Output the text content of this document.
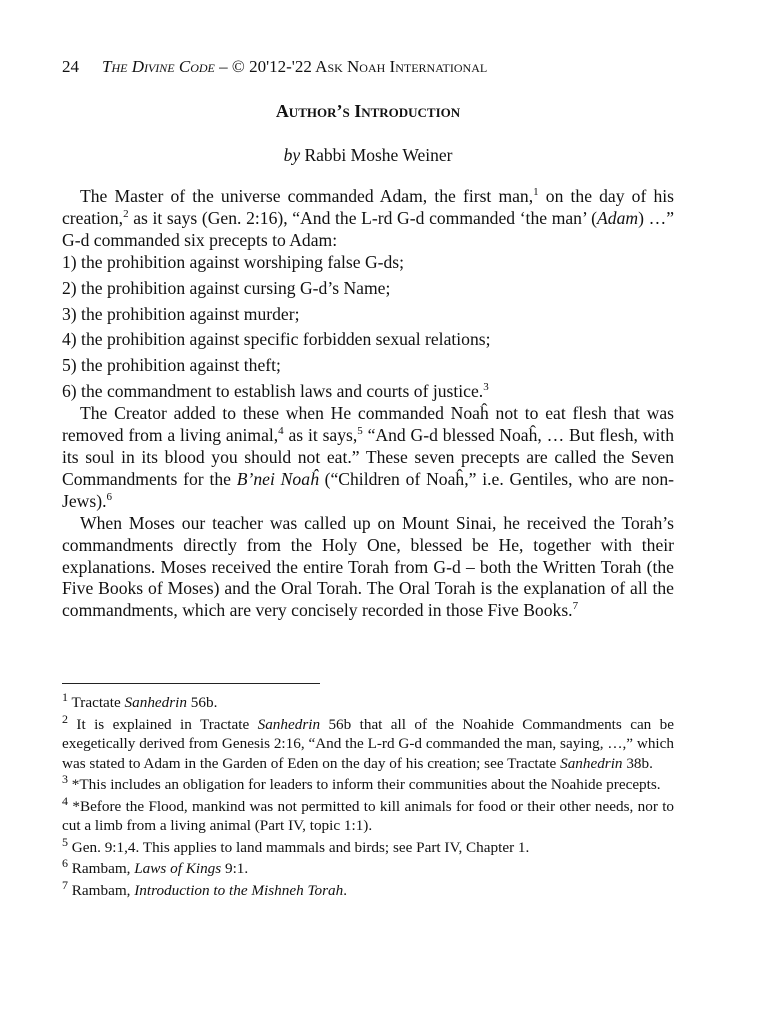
24 The Divine Code – © 20'12-'22 Ask Noah International
Author’s Introduction
by Rabbi Moshe Weiner

The Master of the universe commanded Adam, the first man,$^1$ on the day of his creation,$^2$ as it says (Gen. 2:16), “And the L-rd G-d commanded ‘the man’ (Adam) …” G-d commanded six precepts to Adam:

1) the prohibition against worshiping false G-ds;
2) the prohibition against cursing G-d’s Name;
3) the prohibition against murder;
4) the prohibition against specific forbidden sexual relations;
5) the prohibition against theft;
6) the commandment to establish laws and courts of justice.$^3$

The Creator added to these when He commanded Noaĥ not to eat flesh that was removed from a living animal,$^4$ as it says,$^5$ “And G-d blessed Noaĥ, … But flesh, with its soul in its blood you should not eat.” These seven precepts are called the Seven Commandments for the B’nei Noaĥ (“Children of Noaĥ,” i.e. Gentiles, who are non-Jews).$^6$

When Moses our teacher was called up on Mount Sinai, he received the Torah’s commandments directly from the Holy One, blessed be He, together with their explanations. Moses received the entire Torah from G-d – both the Written Torah (the Five Books of Moses) and the Oral Torah. The Oral Torah is the explanation of all the commandments, which are very concisely recorded in those Five Books.$^7$

$^1$ Tractate Sanhedrin 56b.

$^2$ It is explained in Tractate Sanhedrin 56b that all of the Noahide Commandments can be exegetically derived from Genesis 2:16, “And the L-rd G-d commanded the man, saying, …,” which was stated to Adam in the Garden of Eden on the day of his creation; see Tractate Sanhedrin 38b.

$^3$ *This includes an obligation for leaders to inform their communities about the Noahide precepts.

$^4$ *Before the Flood, mankind was not permitted to kill animals for food or their other needs, nor to cut a limb from a living animal (Part IV, topic 1:1).

$^5$ Gen. 9:1,4. This applies to land mammals and birds; see Part IV, Chapter 1.

$^6$ Rambam, Laws of Kings 9:1.

$^7$ Rambam, Introduction to the Mishneh Torah.
